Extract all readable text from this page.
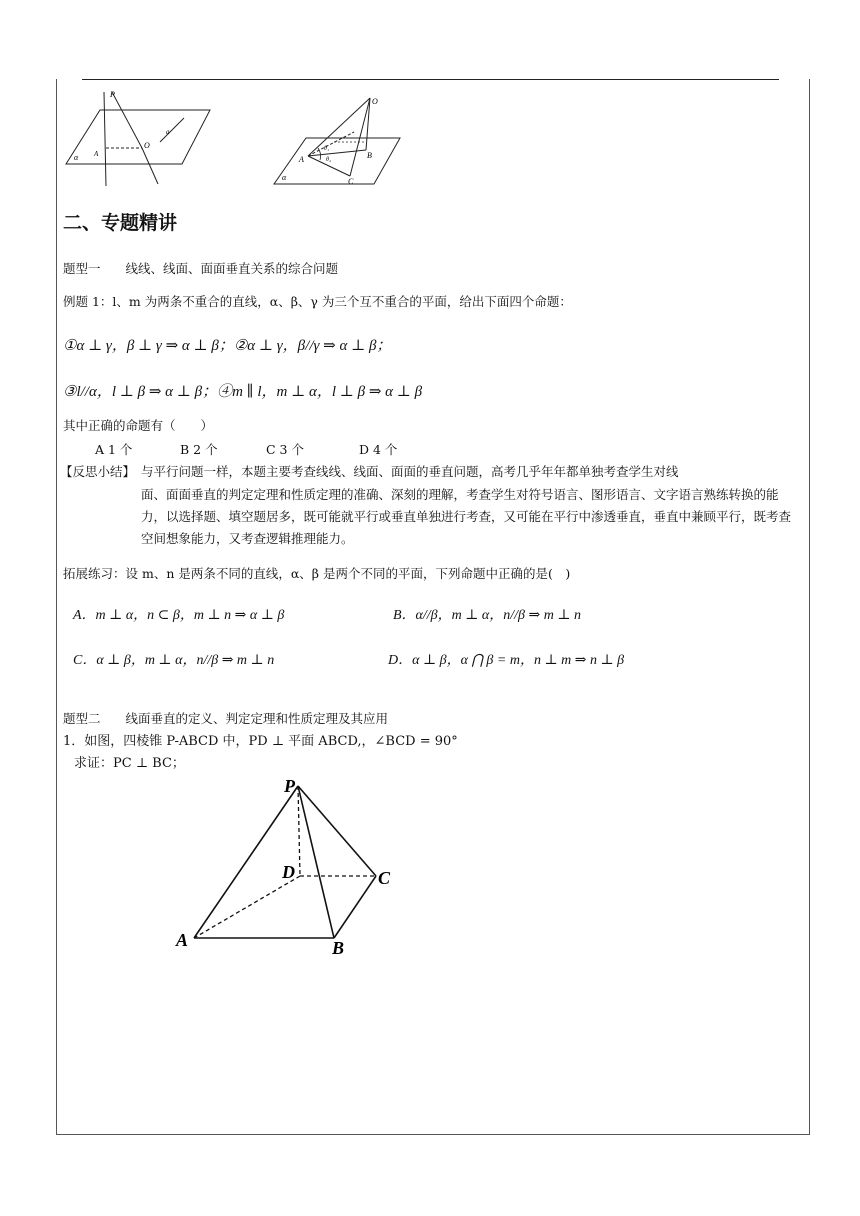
P
A
O
a
α
O
A	B
C
θ₁
θ₂
α
二、专题精讲
题型一　　线线、线面、面面垂直关系的综合问题
例题 1：l、m 为两条不重合的直线，α、β、γ 为三个互不重合的平面，给出下面四个命题：
①α ⊥ γ，β ⊥ γ ⇒ α ⊥ β；②α ⊥ γ，β//γ ⇒ α ⊥ β；
③l//α，l ⊥ β ⇒ α ⊥ β；④m ∥ l，m ⊥ α，l ⊥ β ⇒ α ⊥ β
其中正确的命题有（　　）
A 1 个	B 2 个	C 3 个	D 4 个
【反思小结】 与平行问题一样，本题主要考查线线、线面、面面的垂直问题，高考几乎年年都单独考查学生对线
面、面面垂直的判定定理和性质定理的准确、深刻的理解，考查学生对符号语言、图形语言、文字语言熟练转换的能力，以选择题、填空题居多，既可能就平行或垂直单独进行考查，又可能在平行中渗透垂直，垂直中兼顾平行，既考查空间想象能力，又考查逻辑推理能力。
拓展练习：设 m、n 是两条不同的直线，α、β 是两个不同的平面，下列命题中正确的是(　)
A．m ⊥ α，n ⊂ β，m ⊥ n ⇒ α ⊥ β	B．α//β，m ⊥ α，n//β ⇒ m ⊥ n
C．α ⊥ β，m ⊥ α，n//β ⇒ m ⊥ n	D．α ⊥ β，α ⋂ β = m，n ⊥ m ⇒ n ⊥ β
题型二　　线面垂直的定义、判定定理和性质定理及其应用
1．如图，四棱锥 P-ABCD 中，PD ⊥ 平面 ABCD,，∠BCD = 90°
求证：PC ⊥ BC；
P
D	C
A	B
